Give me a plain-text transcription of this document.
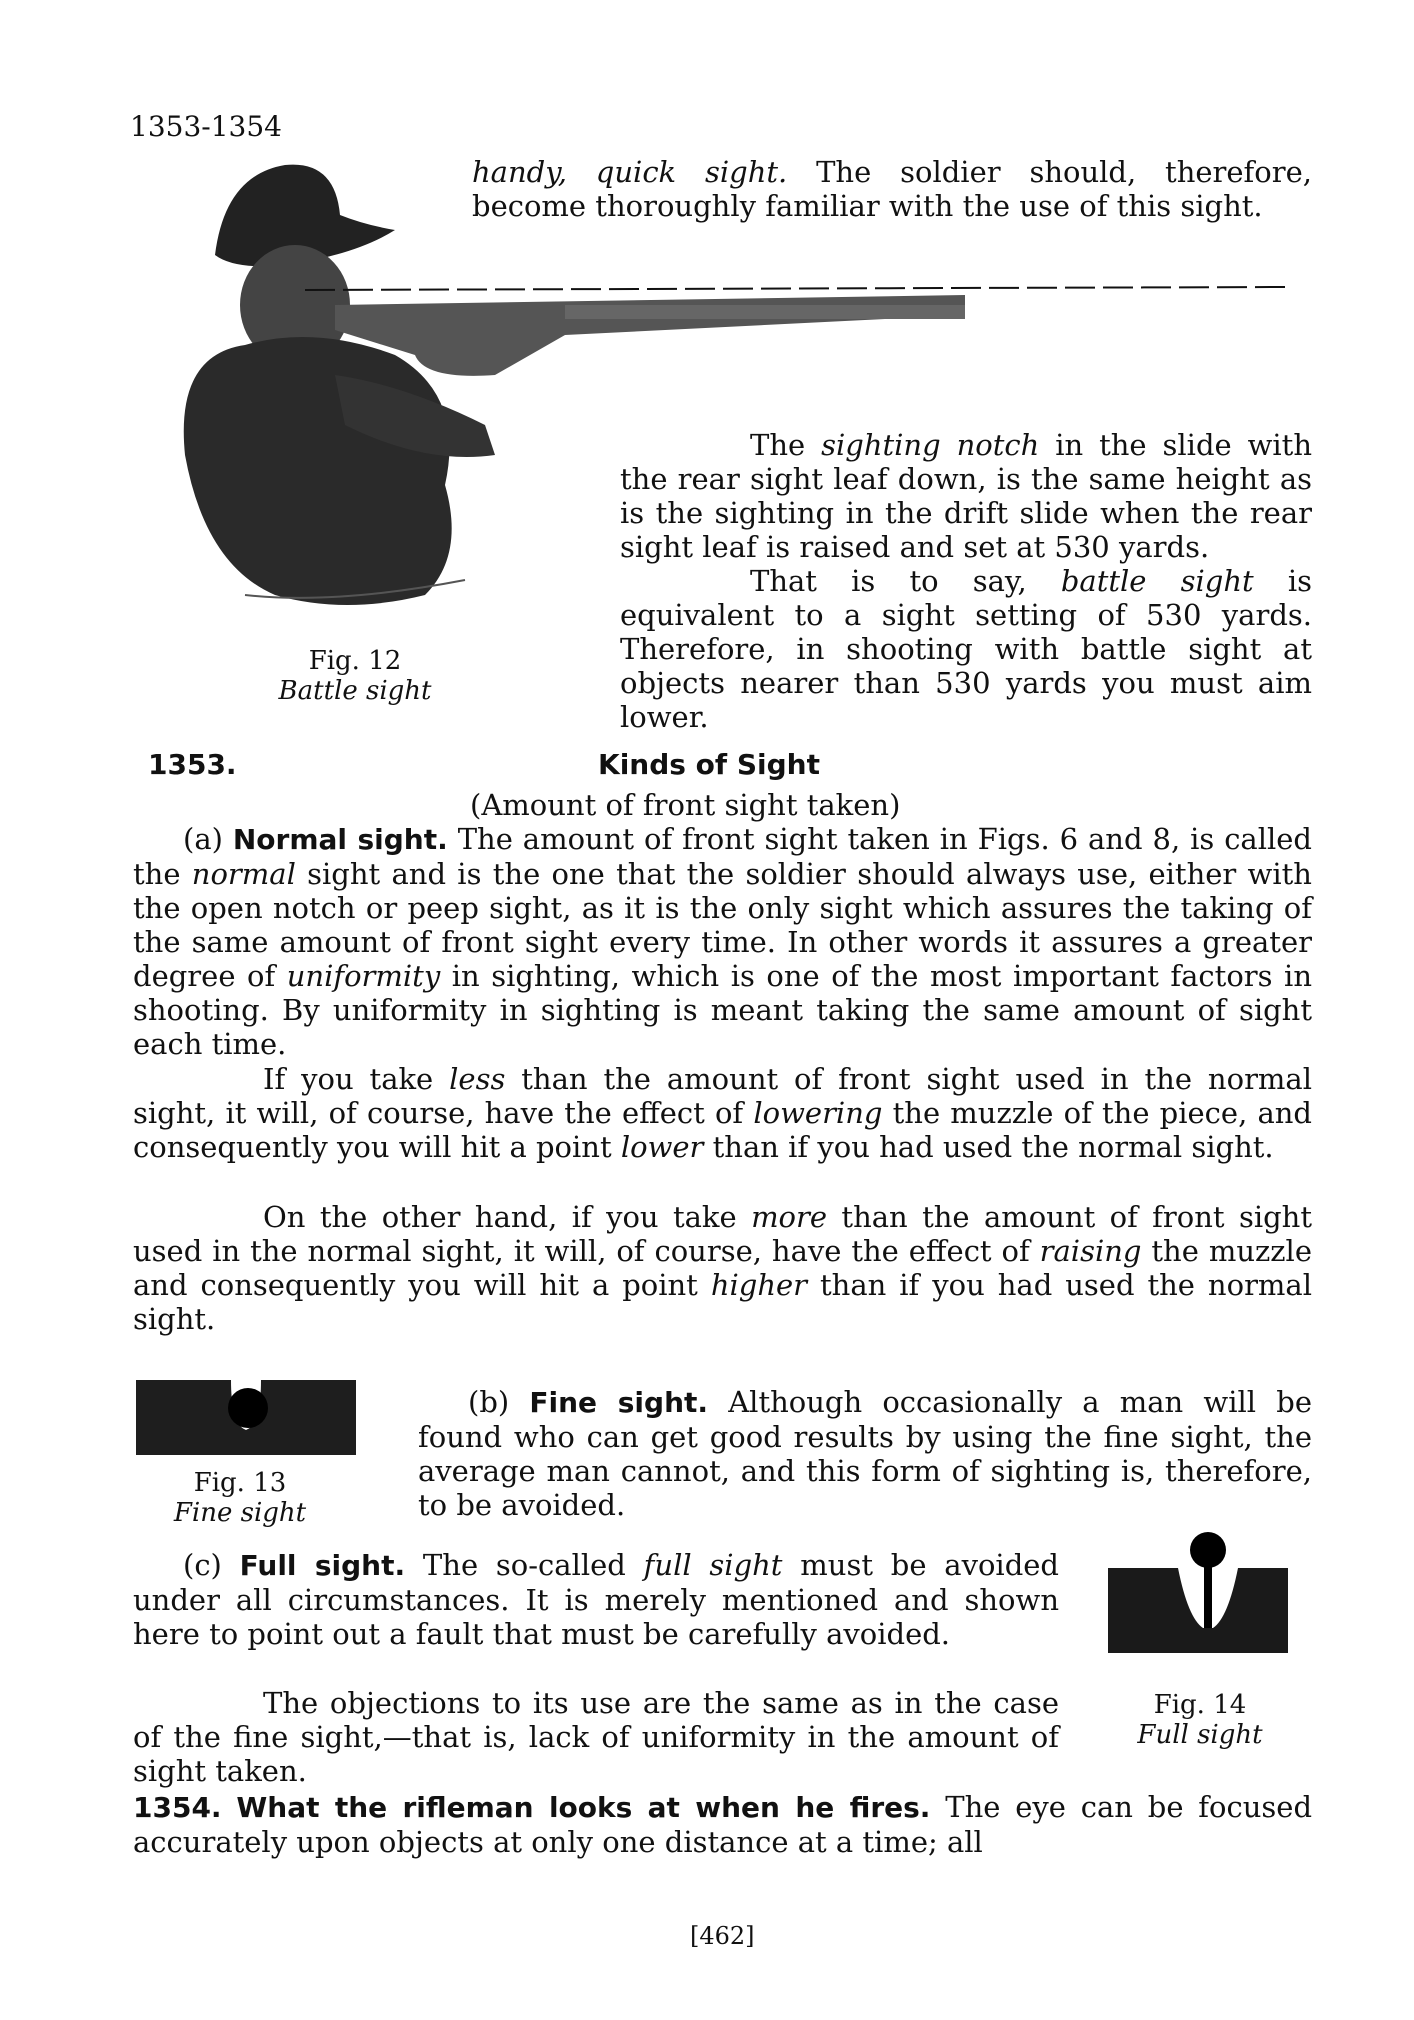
1353-1354
handy, quick sight. The soldier should, therefore, become thoroughly familiar with the use of this sight.
The sighting notch in the slide with the rear sight leaf down, is the same height as is the sighting in the drift slide when the rear sight leaf is raised and set at 530 yards.
That is to say, battle sight is equivalent to a sight setting of 530 yards. Therefore, in shooting with battle sight at objects nearer than 530 yards you must aim lower.
Fig. 12
Battle sight
1353.	Kinds of Sight
(Amount of front sight taken)
(a) Normal sight. The amount of front sight taken in Figs. 6 and 8, is called the normal sight and is the one that the soldier should always use, either with the open notch or peep sight, as it is the only sight which assures the taking of the same amount of front sight every time. In other words it assures a greater degree of uniformity in sighting, which is one of the most important factors in shooting. By uniformity in sighting is meant taking the same amount of sight each time.
If you take less than the amount of front sight used in the normal sight, it will, of course, have the effect of lowering the muzzle of the piece, and consequently you will hit a point lower than if you had used the normal sight.
On the other hand, if you take more than the amount of front sight used in the normal sight, it will, of course, have the effect of raising the muzzle and consequently you will hit a point higher than if you had used the normal sight.
Fig. 13
Fine sight
(b) Fine sight. Although occasionally a man will be found who can get good results by using the fine sight, the average man cannot, and this form of sighting is, therefore, to be avoided.
(c) Full sight. The so-called full sight must be avoided under all circumstances. It is merely mentioned and shown here to point out a fault that must be carefully avoided.
The objections to its use are the same as in the case of the fine sight,—that is, lack of uniformity in the amount of sight taken.
Fig. 14
Full sight
1354. What the rifleman looks at when he fires. The eye can be focused accurately upon objects at only one distance at a time; all
[462]
